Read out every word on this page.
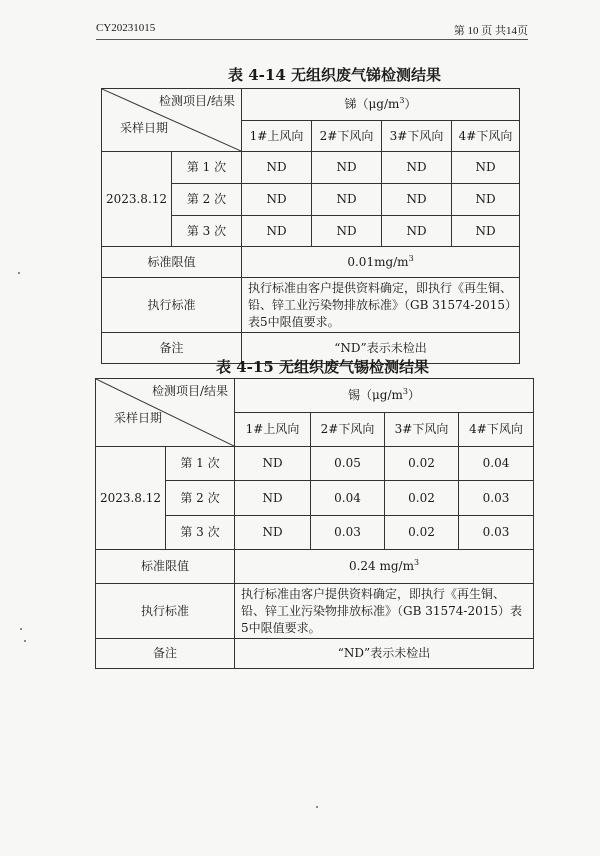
CY20231015	第 10 页 共14页
表 4-14 无组织废气锑检测结果
检测项目/结果
采样日期		锑$(\mu g/m^3)$			
		1#上风向	2#下风向	3#下风向	4#下风向
2023.8.12	第 1 次	ND	ND	ND	ND
	第 2 次	ND	ND	ND	ND
	第 3 次	ND	ND	ND	ND
标准限值		$0.01mg/m^3$
执行标准		执行标准由客户提供资料确定，即执行《再生铜、铅、锌工业污染物排放标准》（GB 31574-2015）表5中限值要求。			
备注		“ND”表示未检出			
表 4-15 无组织废气锡检测结果
检测项目/结果
采样日期		锡$(\mu g/m^3)$			
		1#上风向	2#下风向	3#下风向	4#下风向
2023.8.12	第 1 次	ND	0.05	0.02	0.04
	第 2 次	ND	0.04	0.02	0.03
	第 3 次	ND	0.03	0.02	0.03
标准限值		0.24 $mg/m^3$
执行标准		执行标准由客户提供资料确定，即执行《再生铜、铅、锌工业污染物排放标准》（GB 31574-2015）表5中限值要求。			
备注		“ND”表示未检出			
